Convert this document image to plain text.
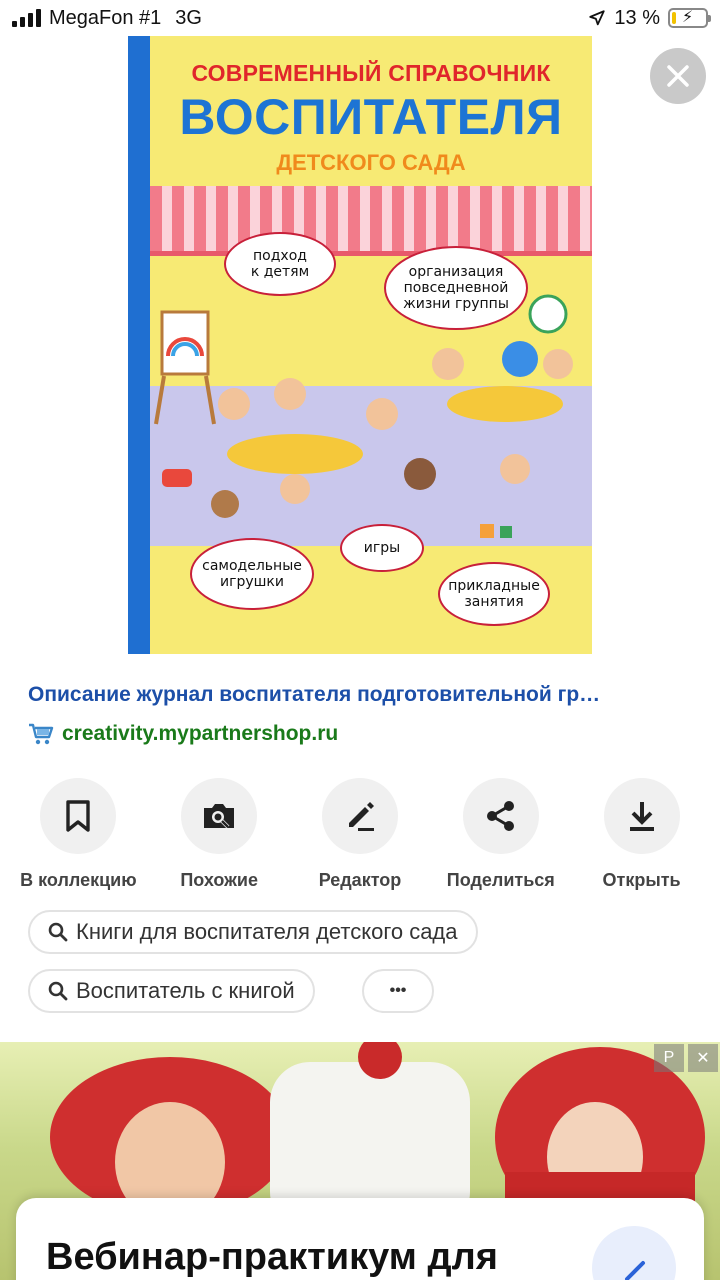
MegaFon #1 3G	13 % ⚡
СОВРЕМЕННЫЙ СПРАВОЧНИК
ВОСПИТАТЕЛЯ
ДЕТСКОГО САДА
подход
к детям	организация
повседневной
жизни группы
игры
самодельные
игрушки	прикладные
занятия
Описание журнал воспитателя подготовительной гр…
creativity.mypartnershop.ru
В коллекцию Похожие	Редактор	Поделиться	Открыть
Книги для воспитателя детского сада
Воспитатель с книгой	•••
Р	✕
Вебинар-практикум для
